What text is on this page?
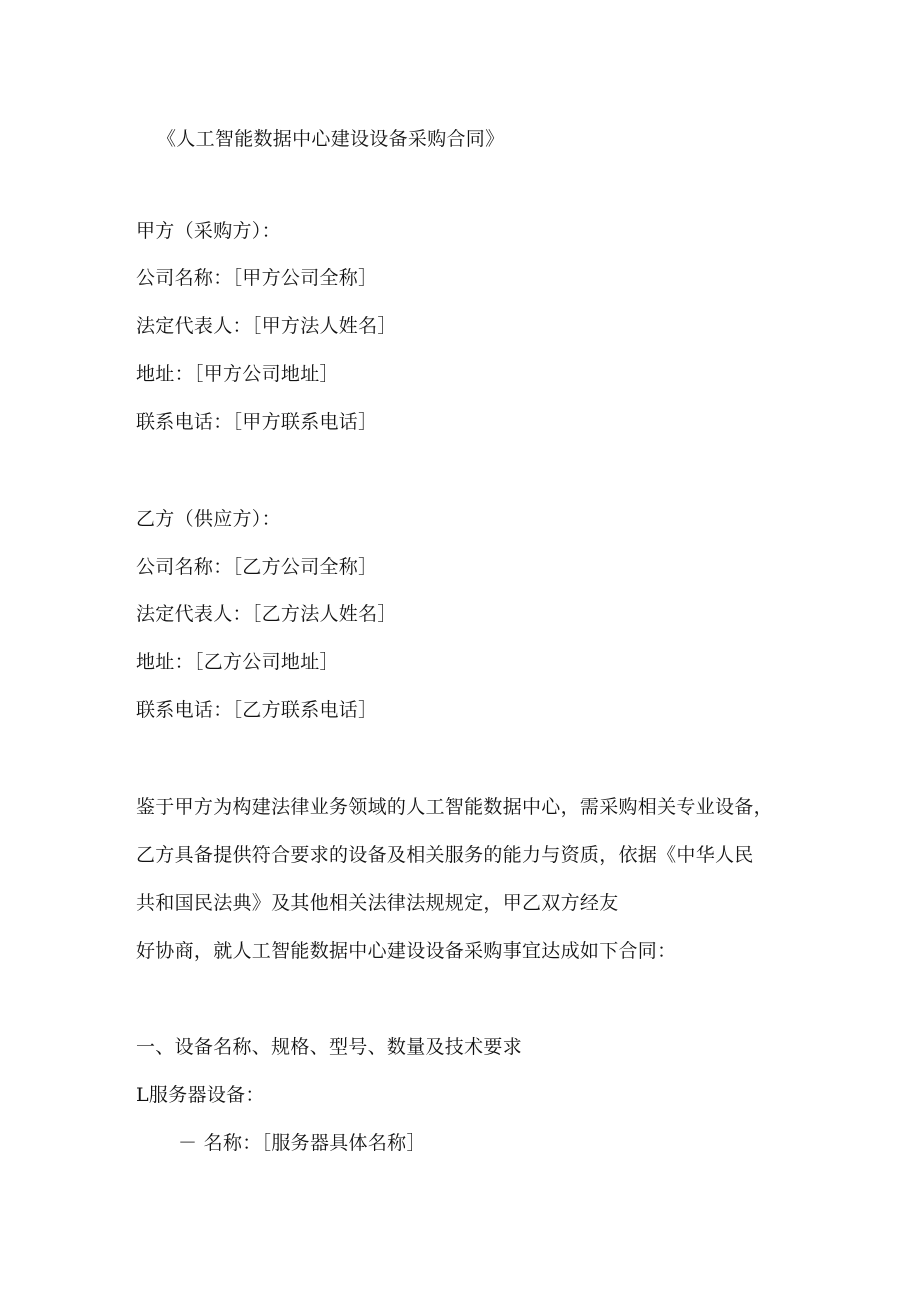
《人工智能数据中心建设设备采购合同》
甲方（采购方）：
公司名称：［甲方公司全称］
法定代表人：［甲方法人姓名］
地址：［甲方公司地址］
联系电话：［甲方联系电话］
乙方（供应方）：
公司名称：［乙方公司全称］
法定代表人：［乙方法人姓名］
地址：［乙方公司地址］
联系电话：［乙方联系电话］
鉴于甲方为构建法律业务领域的人工智能数据中心，需采购相关专业设备，
乙方具备提供符合要求的设备及相关服务的能力与资质，依据《中华人民
共和国民法典》及其他相关法律法规规定，甲乙双方经友
好协商，就人工智能数据中心建设设备采购事宜达成如下合同：
一、设备名称、规格、型号、数量及技术要求
L服务器设备：
－ 名称：［服务器具体名称］
